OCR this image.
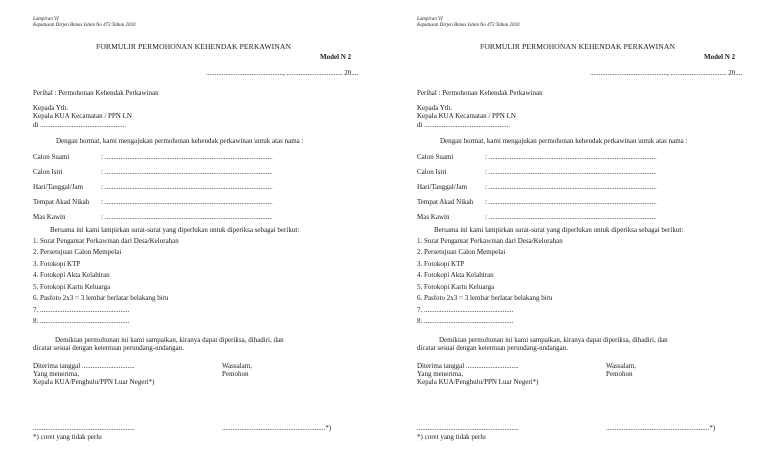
Lampiran VI
Keputusan Dirjen Bimas Islam No 473 Tahun 2020
FORMULIR PERMOHONAN KEHENDAK PERKAWINAN
Model N 2
............................................, ................................ 20....
Perihal : Permohonan Kehendak Perkawinan
Kepada Yth.
Kepala KUA Kecamatan / PPN LN
di .................................................
Dengan hormat, kami mengajukan permohonan kehendak perkawinan untuk atas nama :
Calon Suami	: ................................................................................................
Calon Istri	: ................................................................................................
Hari/Tanggal/Jam	: ................................................................................................
Tempat Akad Nikah : ................................................................................................
Mas Kawin	: ................................................................................................
Bersama ini kami lampirkan surat-surat yang diperlukan untuk diperiksa sebagai berikut:
1. Surat Pengantar Perkawinan dari Desa/Kelurahan
2. Persetujuan Calon Mempelai
3. Fotokopi KTP
4. Fotokopi Akta Kelahiran
5. Fotokopi Kartu Keluarga
6. Pasfoto 2x3 = 3 lembar berlatar belakang biru
7. ...................................................
8. ...................................................
Demikian permohonan ini kami sampaikan, kiranya dapat diperiksa, dihadiri, dan
dicatat sesuai dengan ketentuan perundang-undangan.
Diterima tanggal ..............................
Yang menerima,
Kepala KUA/Penghulu/PPN Luar Negeri*)
Wassalam,
Pemohon
..........................................................	...........................................................*)
*) coret yang tidak perlu
Lampiran VI
Keputusan Dirjen Bimas Islam No 473 Tahun 2020
FORMULIR PERMOHONAN KEHENDAK PERKAWINAN
Model N 2
............................................, ................................ 20....
Perihal : Permohonan Kehendak Perkawinan
Kepada Yth.
Kepala KUA Kecamatan / PPN LN
di .................................................
Dengan hormat, kami mengajukan permohonan kehendak perkawinan untuk atas nama :
Calon Suami	: ................................................................................................
Calon Istri	: ................................................................................................
Hari/Tanggal/Jam	: ................................................................................................
Tempat Akad Nikah : ................................................................................................
Mas Kawin	: ................................................................................................
Bersama ini kami lampirkan surat-surat yang diperlukan untuk diperiksa sebagai berikut:
1. Surat Pengantar Perkawinan dari Desa/Kelurahan
2. Persetujuan Calon Mempelai
3. Fotokopi KTP
4. Fotokopi Akta Kelahiran
5. Fotokopi Kartu Keluarga
6. Pasfoto 2x3 = 3 lembar berlatar belakang biru
7. ...................................................
8. ...................................................
Demikian permohonan ini kami sampaikan, kiranya dapat diperiksa, dihadiri, dan
dicatat sesuai dengan ketentuan perundang-undangan.
Diterima tanggal ..............................
Yang menerima,
Kepala KUA/Penghulu/PPN Luar Negeri*)
Wassalam,
Pemohon
..........................................................	...........................................................*)
*) coret yang tidak perlu
